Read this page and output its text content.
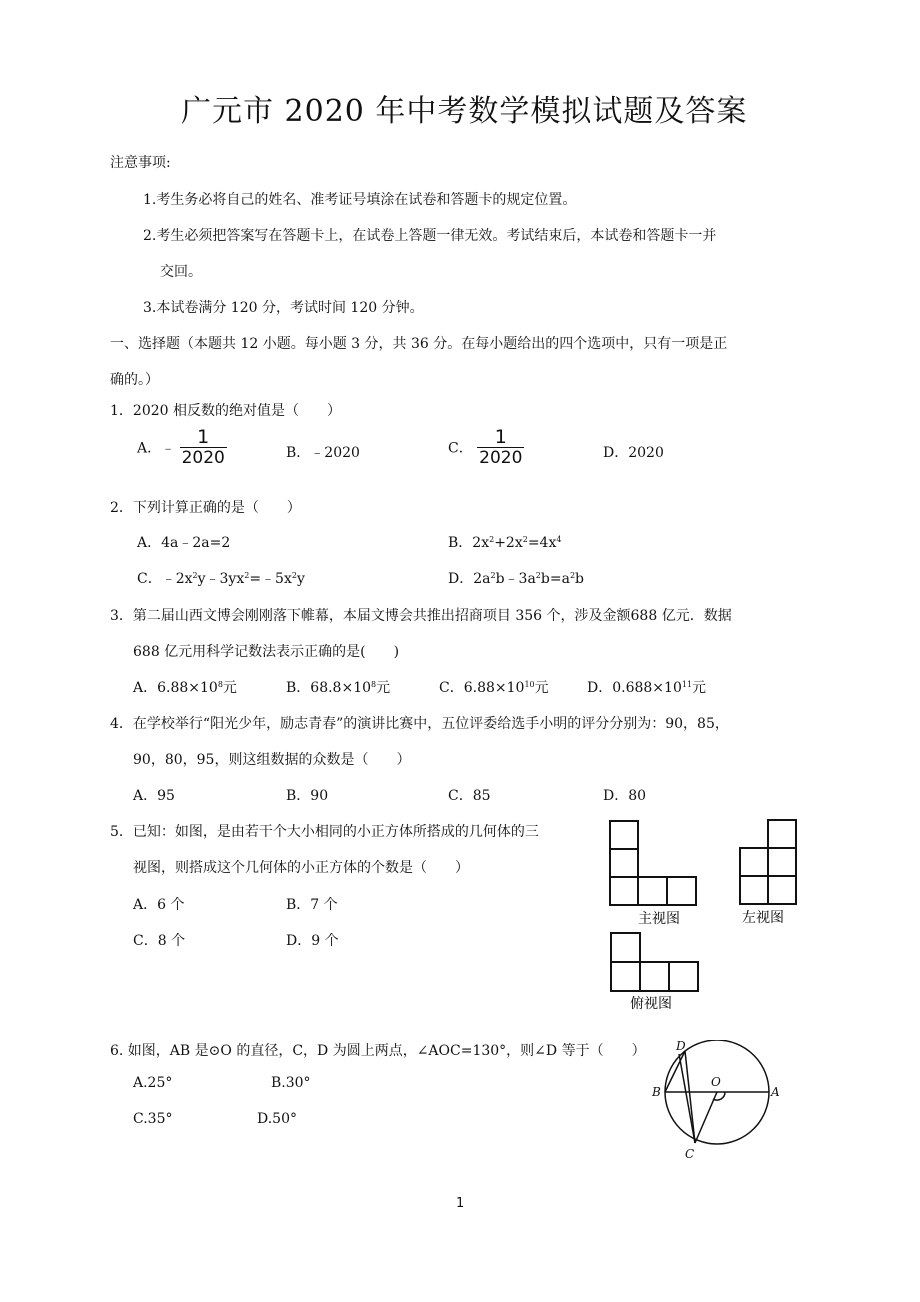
广元市 2020 年中考数学模拟试题及答案
注意事项:
1.考生务必将自己的姓名、准考证号填涂在试卷和答题卡的规定位置。
2.考生必须把答案写在答题卡上，在试卷上答题一律无效。考试结束后，本试卷和答题卡一并
交回。
3.本试卷满分 120 分，考试时间 120 分钟。
一、选择题（本题共 12 小题。每小题 3 分，共 36 分。在每小题给出的四个选项中，只有一项是正
确的。）
1．2020 相反数的绝对值是（　　）
A．﹣ $\frac{1}{2020}$	B．﹣2020	C． $\frac{1}{2020}$	D．2020
2．下列计算正确的是（　　）
A．4a﹣2a=2	B．$2x^2+2x^2=4x^4$
C．$﹣2x^2y﹣3yx^2=﹣5x^2y$	D．$2a^2b﹣3a^2b=a^2b$
3．第二届山西文博会刚刚落下帷幕，本届文博会共推出招商项目 356 个，涉及金额688 亿元．数据
688 亿元用科学记数法表示正确的是(　　)
A．$6.88\times 10^8$元	B．$68.8\times 10^8$元	C．$6.88\times 10^{10}$元	D．$0.688\times 10^{11}$元
4．在学校举行“阳光少年，励志青春”的演讲比赛中，五位评委给选手小明的评分分别为：90，85，
90，80，95，则这组数据的众数是（　　）
A．95	B．90	C．85	D．80
5．已知：如图，是由若干个大小相同的小正方体所搭成的几何体的三
视图，则搭成这个几何体的小正方体的个数是（　　）
A．6 个	B．7 个
C．8 个	D．9 个
主视图	左视图
俯视图
6. 如图，AB 是⊙O 的直径，C，D 为圆上两点，∠AOC=130°，则∠D 等于（　　）
A.25°	B.30°
C.35°	D.50°
D
B
O
A
C
1
